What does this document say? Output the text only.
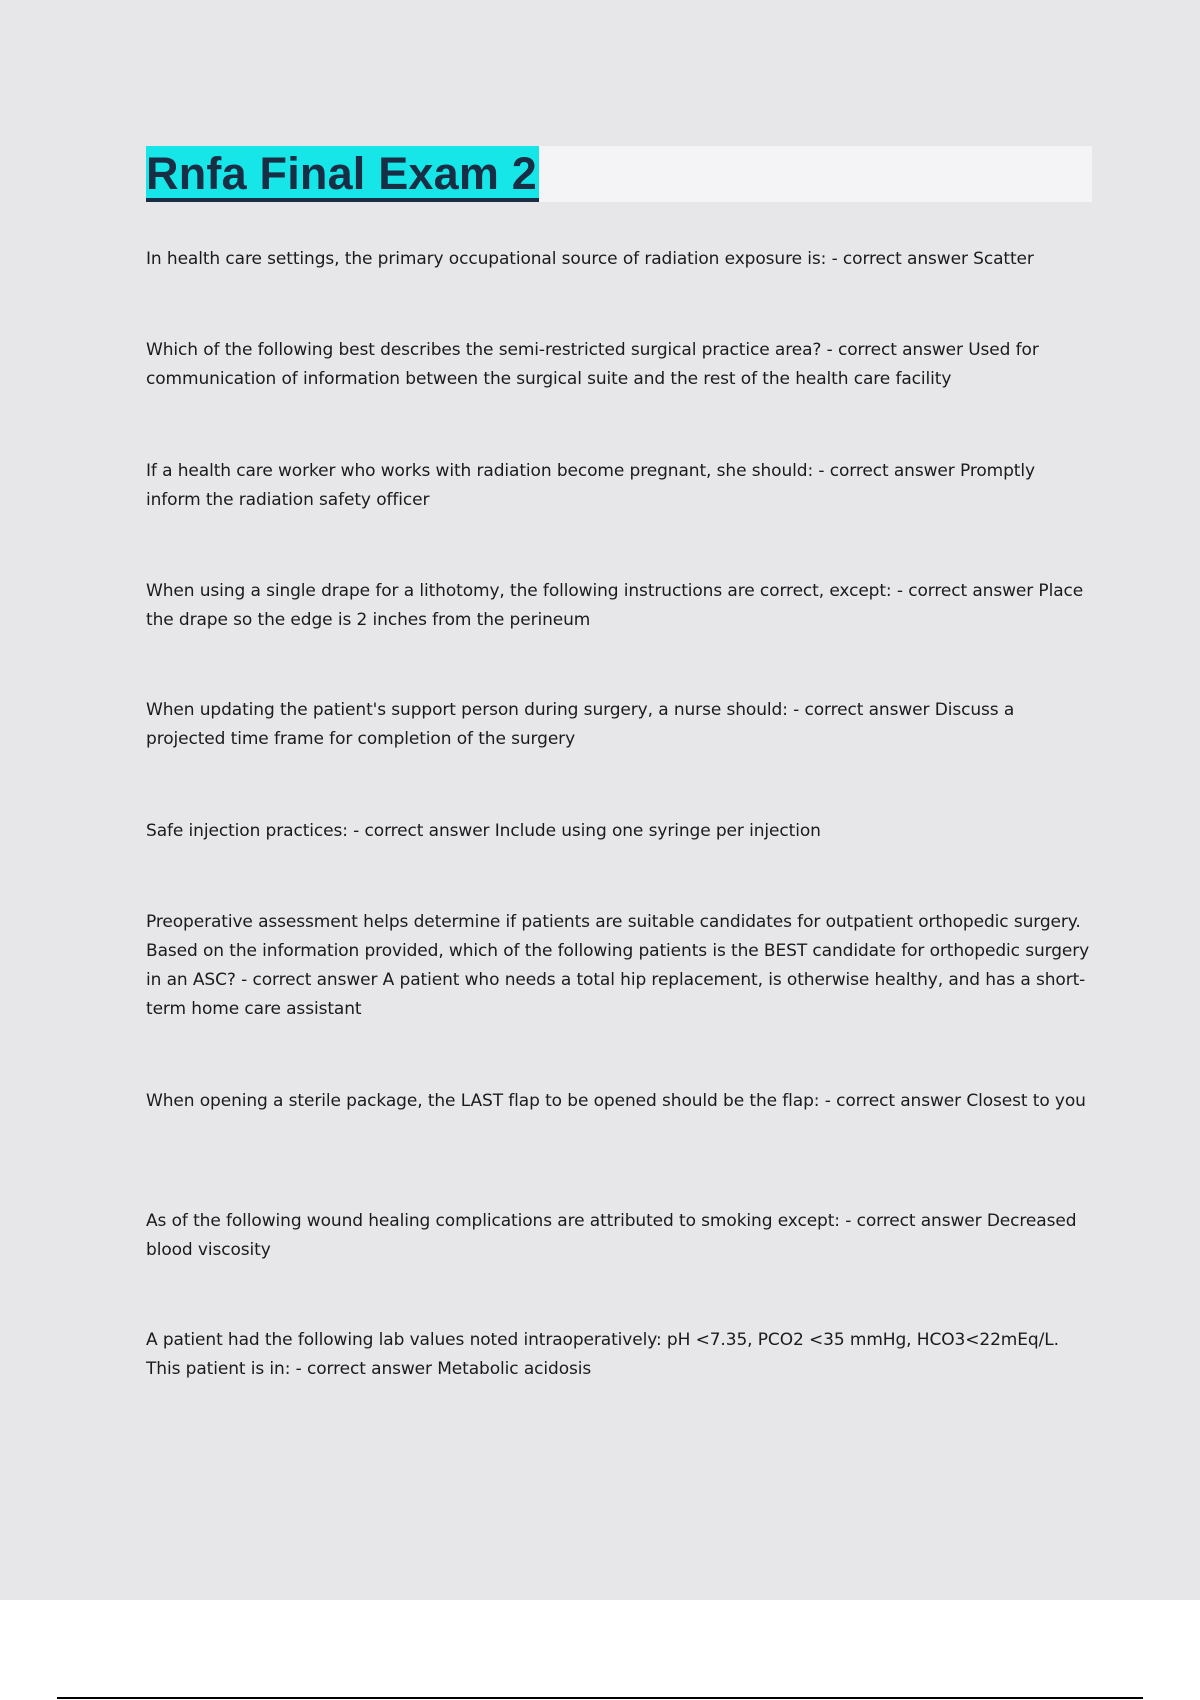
Rnfa Final Exam 2

In health care settings, the primary occupational source of radiation exposure is: - correct answer Scatter

Which of the following best describes the semi-restricted surgical practice area? - correct answer Used for communication of information between the surgical suite and the rest of the health care facility

If a health care worker who works with radiation become pregnant, she should: - correct answer Promptly inform the radiation safety officer

When using a single drape for a lithotomy, the following instructions are correct, except: - correct answer Place the drape so the edge is 2 inches from the perineum

When updating the patient's support person during surgery, a nurse should: - correct answer Discuss a projected time frame for completion of the surgery

Safe injection practices: - correct answer Include using one syringe per injection

Preoperative assessment helps determine if patients are suitable candidates for outpatient orthopedic surgery. Based on the information provided, which of the following patients is the BEST candidate for orthopedic surgery in an ASC? - correct answer A patient who needs a total hip replacement, is otherwise healthy, and has a short-term home care assistant

When opening a sterile package, the LAST flap to be opened should be the flap: - correct answer Closest to you

As of the following wound healing complications are attributed to smoking except: - correct answer Decreased blood viscosity

A patient had the following lab values noted intraoperatively: pH <7.35, PCO2 <35 mmHg, HCO3<22mEq/L. This patient is in: - correct answer Metabolic acidosis
